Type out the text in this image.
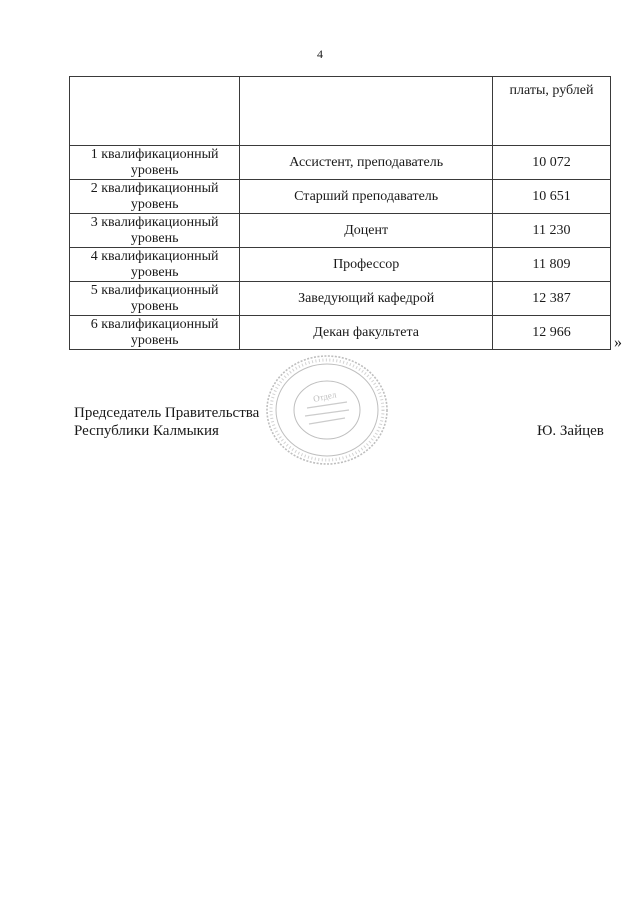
4
		платы, рублей
1 квалификационный
уровень	Ассистент, преподаватель	10 072
2 квалификационный
уровень	Старший преподаватель	10 651
3 квалификационный
уровень	Доцент	11 230
4 квалификационный
уровень	Профессор	11 809
5 квалификационный
уровень	Заведующий кафедрой	12 387
6 квалификационный
уровень	Декан факультета	12 966
»
Отдел
Председатель Правительства
Республики Калмыкия	Ю. Зайцев
